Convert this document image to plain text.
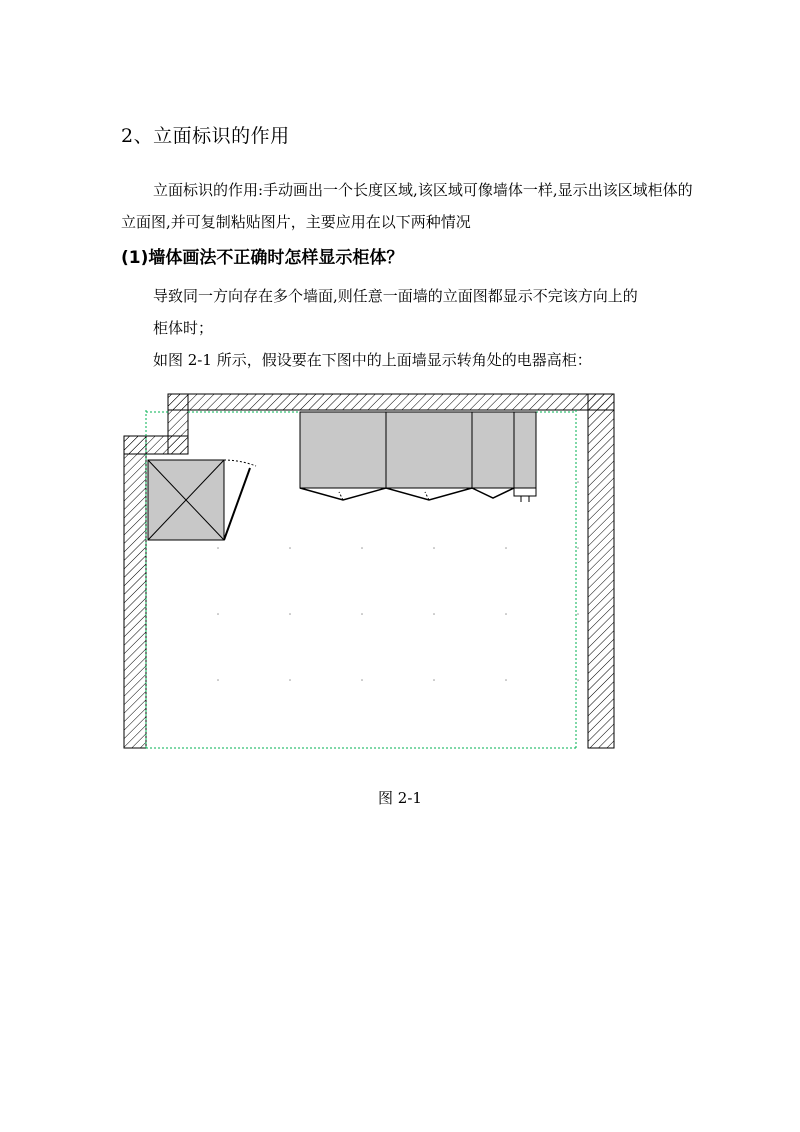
2、立面标识的作用
立面标识的作用:手动画出一个长度区域,该区域可像墙体一样,显示出该区域柜体的立面图,并可复制粘贴图片，主要应用在以下两种情况
(1)墙体画法不正确时怎样显示柜体？
导致同一方向存在多个墙面,则任意一面墙的立面图都显示不完该方向上的
柜体时；
如图 2-1 所示，假设要在下图中的上面墙显示转角处的电器高柜：
图 2-1
